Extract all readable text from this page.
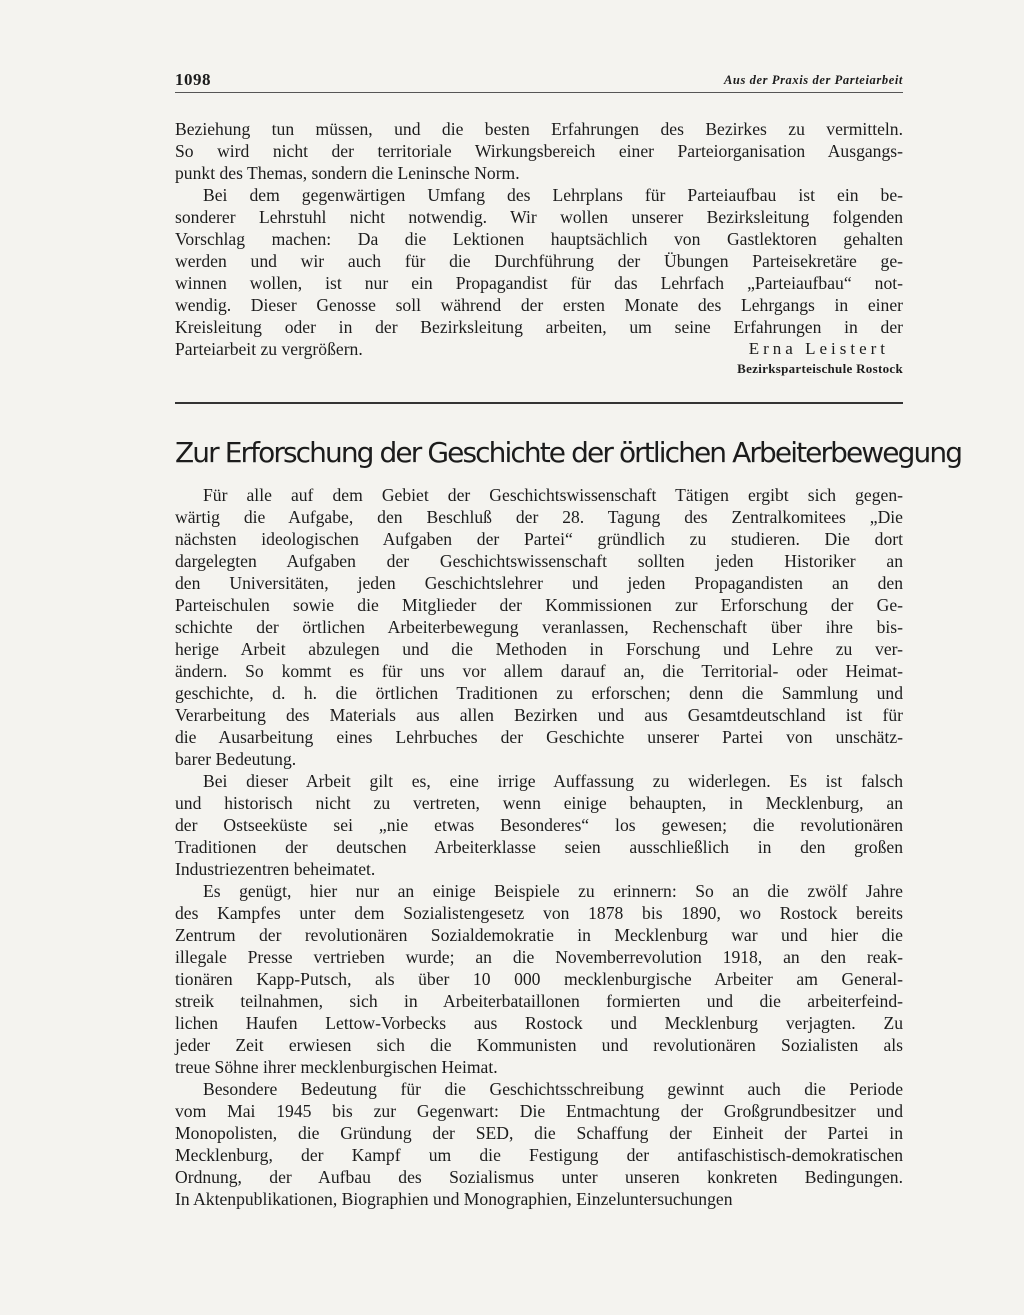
1098	Aus der Praxis der Parteiarbeit
Beziehung tun müssen, und die besten Erfahrungen des Bezirkes zu vermitteln.
So wird nicht der territoriale Wirkungsbereich einer Parteiorganisation Ausgangs-
punkt des Themas, sondern die Leninsche Norm.
Bei dem gegenwärtigen Umfang des Lehrplans für Parteiaufbau ist ein be-
sonderer Lehrstuhl nicht notwendig. Wir wollen unserer Bezirksleitung folgenden
Vorschlag machen: Da die Lektionen hauptsächlich von Gastlektoren gehalten
werden und wir auch für die Durchführung der Übungen Parteisekretäre ge-
winnen wollen, ist nur ein Propagandist für das Lehrfach „Parteiaufbau“ not-
wendig. Dieser Genosse soll während der ersten Monate des Lehrgangs in einer
Kreisleitung oder in der Bezirksleitung arbeiten, um seine Erfahrungen in der
Parteiarbeit zu vergrößern.	Erna Leistert
Bezirksparteischule Rostock
Zur Erforschung der Geschichte der örtlichen Arbeiterbewegung
Für alle auf dem Gebiet der Geschichtswissenschaft Tätigen ergibt sich gegen-
wärtig die Aufgabe, den Beschluß der 28. Tagung des Zentralkomitees „Die
nächsten ideologischen Aufgaben der Partei“ gründlich zu studieren. Die dort
dargelegten Aufgaben der Geschichtswissenschaft sollten jeden Historiker an
den Universitäten, jeden Geschichtslehrer und jeden Propagandisten an den
Parteischulen sowie die Mitglieder der Kommissionen zur Erforschung der Ge-
schichte der örtlichen Arbeiterbewegung veranlassen, Rechenschaft über ihre bis-
herige Arbeit abzulegen und die Methoden in Forschung und Lehre zu ver-
ändern. So kommt es für uns vor allem darauf an, die Territorial- oder Heimat-
geschichte, d. h. die örtlichen Traditionen zu erforschen; denn die Sammlung und
Verarbeitung des Materials aus allen Bezirken und aus Gesamtdeutschland ist für
die Ausarbeitung eines Lehrbuches der Geschichte unserer Partei von unschätz-
barer Bedeutung.
Bei dieser Arbeit gilt es, eine irrige Auffassung zu widerlegen. Es ist falsch
und historisch nicht zu vertreten, wenn einige behaupten, in Mecklenburg, an
der Ostseeküste sei „nie etwas Besonderes“ los gewesen; die revolutionären
Traditionen der deutschen Arbeiterklasse seien ausschließlich in den großen
Industriezentren beheimatet.
Es genügt, hier nur an einige Beispiele zu erinnern: So an die zwölf Jahre
des Kampfes unter dem Sozialistengesetz von 1878 bis 1890, wo Rostock bereits
Zentrum der revolutionären Sozialdemokratie in Mecklenburg war und hier die
illegale Presse vertrieben wurde; an die Novemberrevolution 1918, an den reak-
tionären Kapp-Putsch, als über 10 000 mecklenburgische Arbeiter am General-
streik teilnahmen, sich in Arbeiterbataillonen formierten und die arbeiterfeind-
lichen Haufen Lettow-Vorbecks aus Rostock und Mecklenburg verjagten. Zu
jeder Zeit erwiesen sich die Kommunisten und revolutionären Sozialisten als
treue Söhne ihrer mecklenburgischen Heimat.
Besondere Bedeutung für die Geschichtsschreibung gewinnt auch die Periode
vom Mai 1945 bis zur Gegenwart: Die Entmachtung der Großgrundbesitzer und
Monopolisten, die Gründung der SED, die Schaffung der Einheit der Partei in
Mecklenburg, der Kampf um die Festigung der antifaschistisch-demokratischen
Ordnung, der Aufbau des Sozialismus unter unseren konkreten Bedingungen.
In Aktenpublikationen, Biographien und Monographien, Einzeluntersuchungen
